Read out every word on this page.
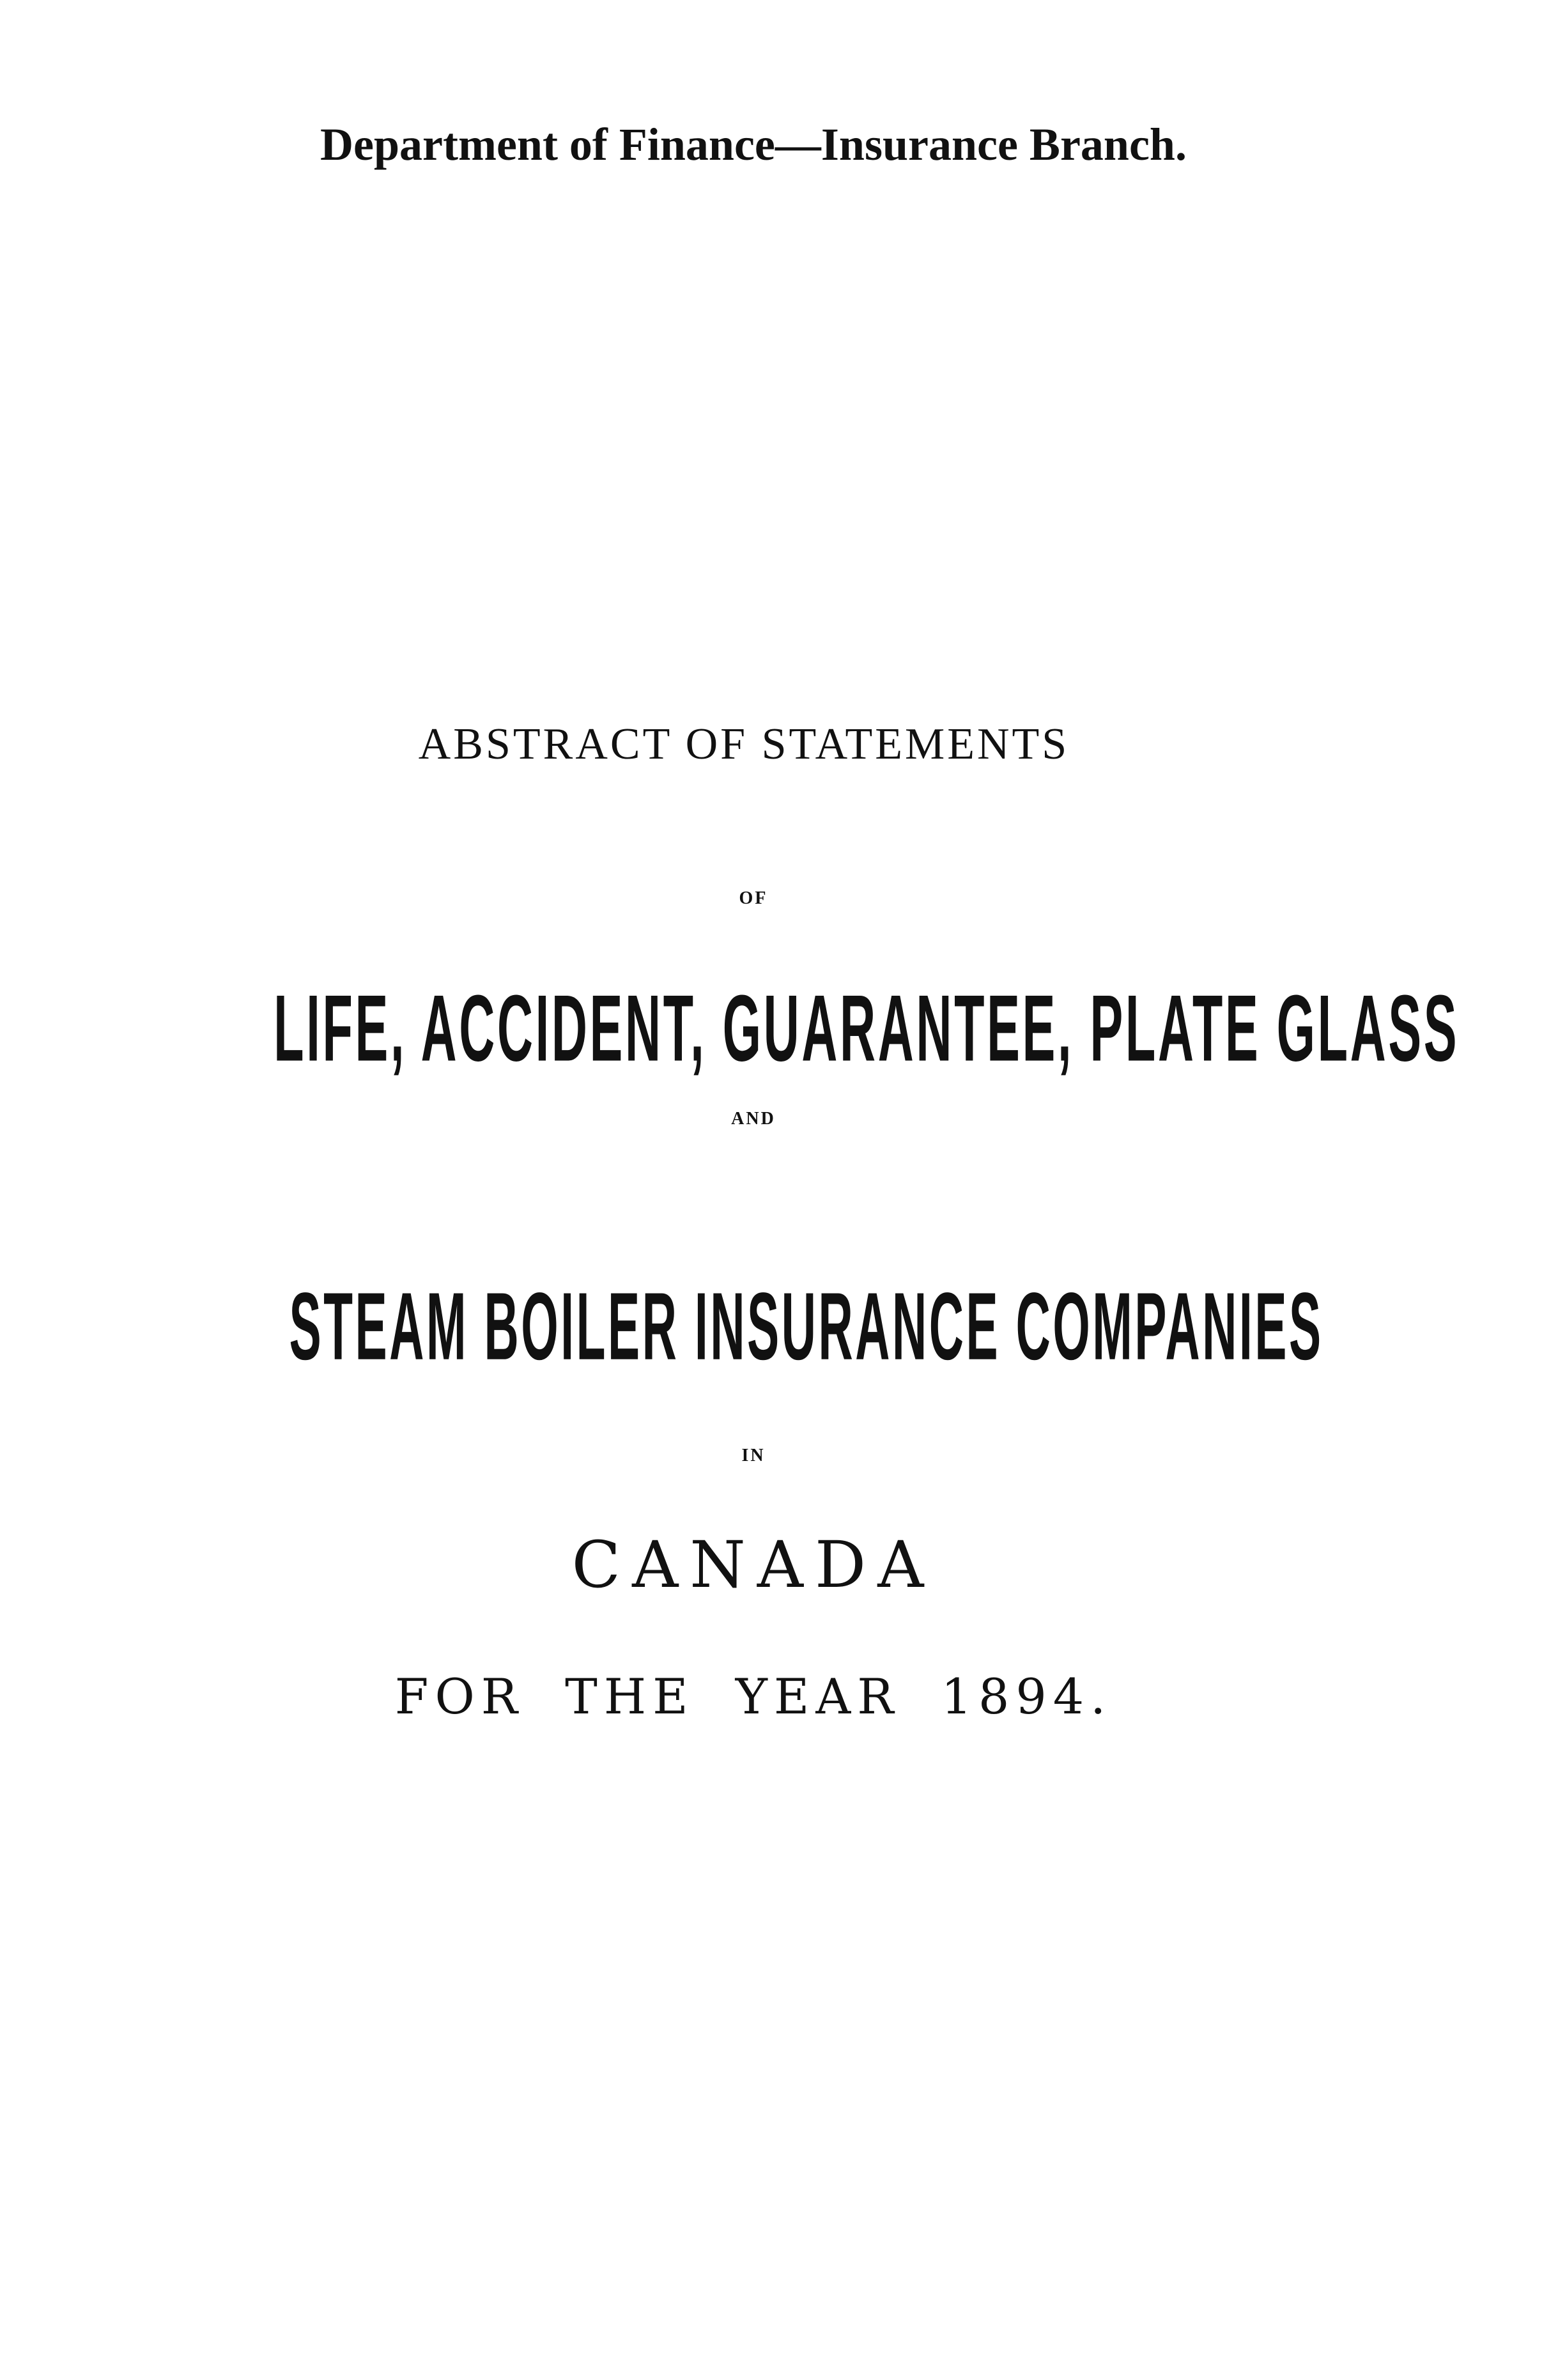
Department of Finance—Insurance Branch.
ABSTRACT OF STATEMENTS
OF
LIFE, ACCIDENT, GUARANTEE, PLATE GLASS
AND
STEAM BOILER INSURANCE COMPANIES
IN
CANADA
FOR THE YEAR 1894.
